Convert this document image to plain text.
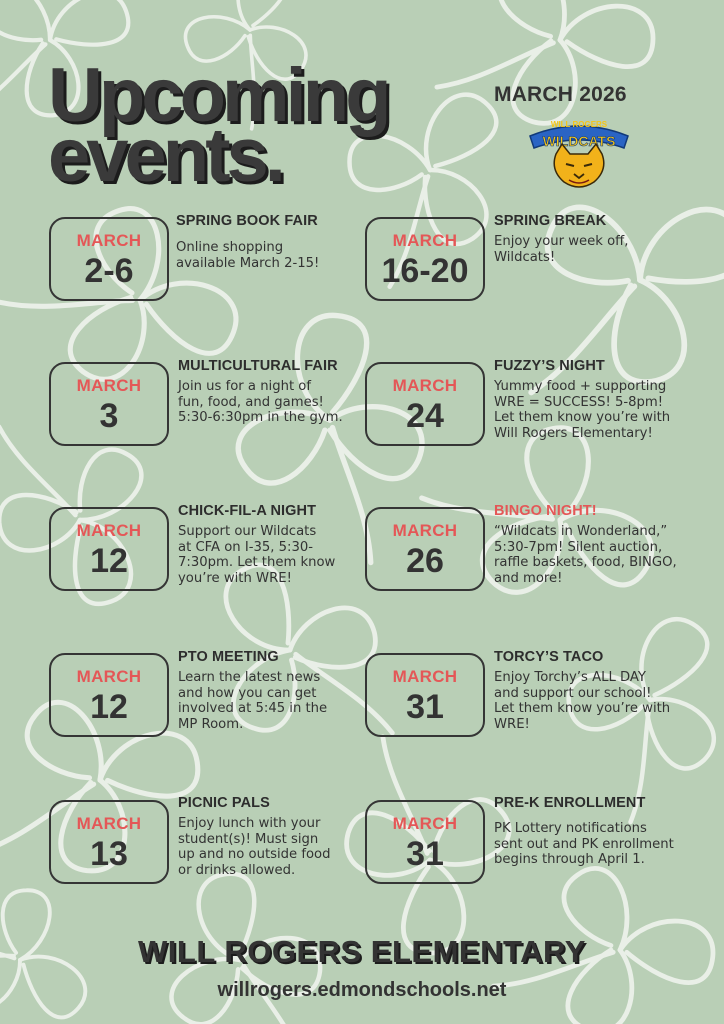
Upcoming
events.
MARCH 2026
WILL ROGERS
WILDCATS
MARCH
2-6
SPRING BOOK FAIR
Online shopping
available March 2-15!
MARCH
16-20
SPRING BREAK
Enjoy your week off,
Wildcats!
MARCH
3
MULTICULTURAL FAIR
Join us for a night of
fun, food, and games!
5:30-6:30pm in the gym.
MARCH
24
FUZZY’S NIGHT
Yummy food + supporting
WRE = SUCCESS! 5-8pm!
Let them know you’re with
Will Rogers Elementary!
MARCH
12
CHICK-FIL-A NIGHT
Support our Wildcats
at CFA on I-35, 5:30-
7:30pm. Let them know
you’re with WRE!
MARCH
26
BINGO NIGHT!
“Wildcats in Wonderland,”
5:30-7pm! Silent auction,
raffle baskets, food, BINGO,
and more!
MARCH
12
PTO MEETING
Learn the latest news
and how you can get
involved at 5:45 in the
MP Room.
MARCH
31
TORCY’S TACO
Enjoy Torchy’s ALL DAY
and support our school!
Let them know you’re with
WRE!
MARCH
13
PICNIC PALS
Enjoy lunch with your
student(s)! Must sign
up and no outside food
or drinks allowed.
MARCH
31
PRE-K ENROLLMENT
PK Lottery notifications
sent out and PK enrollment
begins through April 1.
WILL ROGERS ELEMENTARY
willrogers.edmondschools.net
